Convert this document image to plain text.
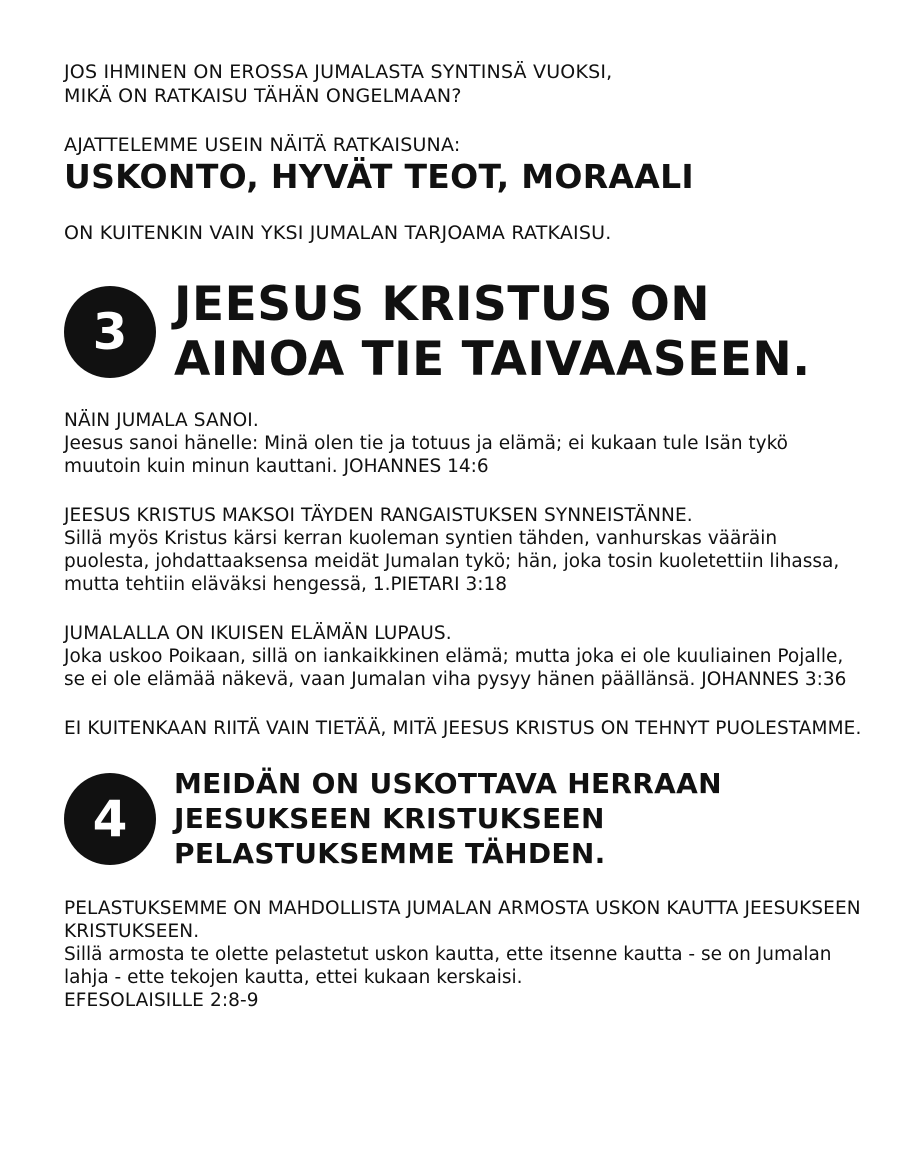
JOS IHMINEN ON EROSSA JUMALASTA SYNTINSÄ VUOKSI,
MIKÄ ON RATKAISU TÄHÄN ONGELMAAN?

AJATTELEMME USEIN NÄITÄ RATKAISUNA:

USKONTO, HYVÄT TEOT, MORAALI

ON KUITENKIN VAIN YKSI JUMALAN TARJOAMA RATKAISU.

3 JEESUS KRISTUS ON
AINOA TIE TAIVAASEEN.

NÄIN JUMALA SANOI.
Jeesus sanoi hänelle: Minä olen tie ja totuus ja elämä; ei kukaan tule Isän tykö muutoin kuin minun kauttani. JOHANNES 14:6

JEESUS KRISTUS MAKSOI TÄYDEN RANGAISTUKSEN SYNNEISTÄNNE.
Sillä myös Kristus kärsi kerran kuoleman syntien tähden, vanhurskas vääräin puolesta, johdattaaksensa meidät Jumalan tykö; hän, joka tosin kuoletettiin lihassa, mutta tehtiin eläväksi hengessä, 1.PIETARI 3:18

JUMALALLA ON IKUISEN ELÄMÄN LUPAUS.
Joka uskoo Poikaan, sillä on iankaikkinen elämä; mutta joka ei ole kuuliainen Pojalle, se ei ole elämää näkevä, vaan Jumalan viha pysyy hänen päällänsä. JOHANNES 3:36

EI KUITENKAAN RIITÄ VAIN TIETÄÄ, MITÄ JEESUS KRISTUS ON TEHNYT PUOLESTAMME.

4
MEIDÄN ON USKOTTAVA HERRAAN
JEESUKSEEN KRISTUKSEEN
PELASTUKSEMME TÄHDEN.

PELASTUKSEMME ON MAHDOLLISTA JUMALAN ARMOSTA USKON KAUTTA JEESUKSEEN KRISTUKSEEN.
Sillä armosta te olette pelastetut uskon kautta, ette itsenne kautta - se on Jumalan lahja - ette tekojen kautta, ettei kukaan kerskaisi.
EFESOLAISILLE 2:8-9
